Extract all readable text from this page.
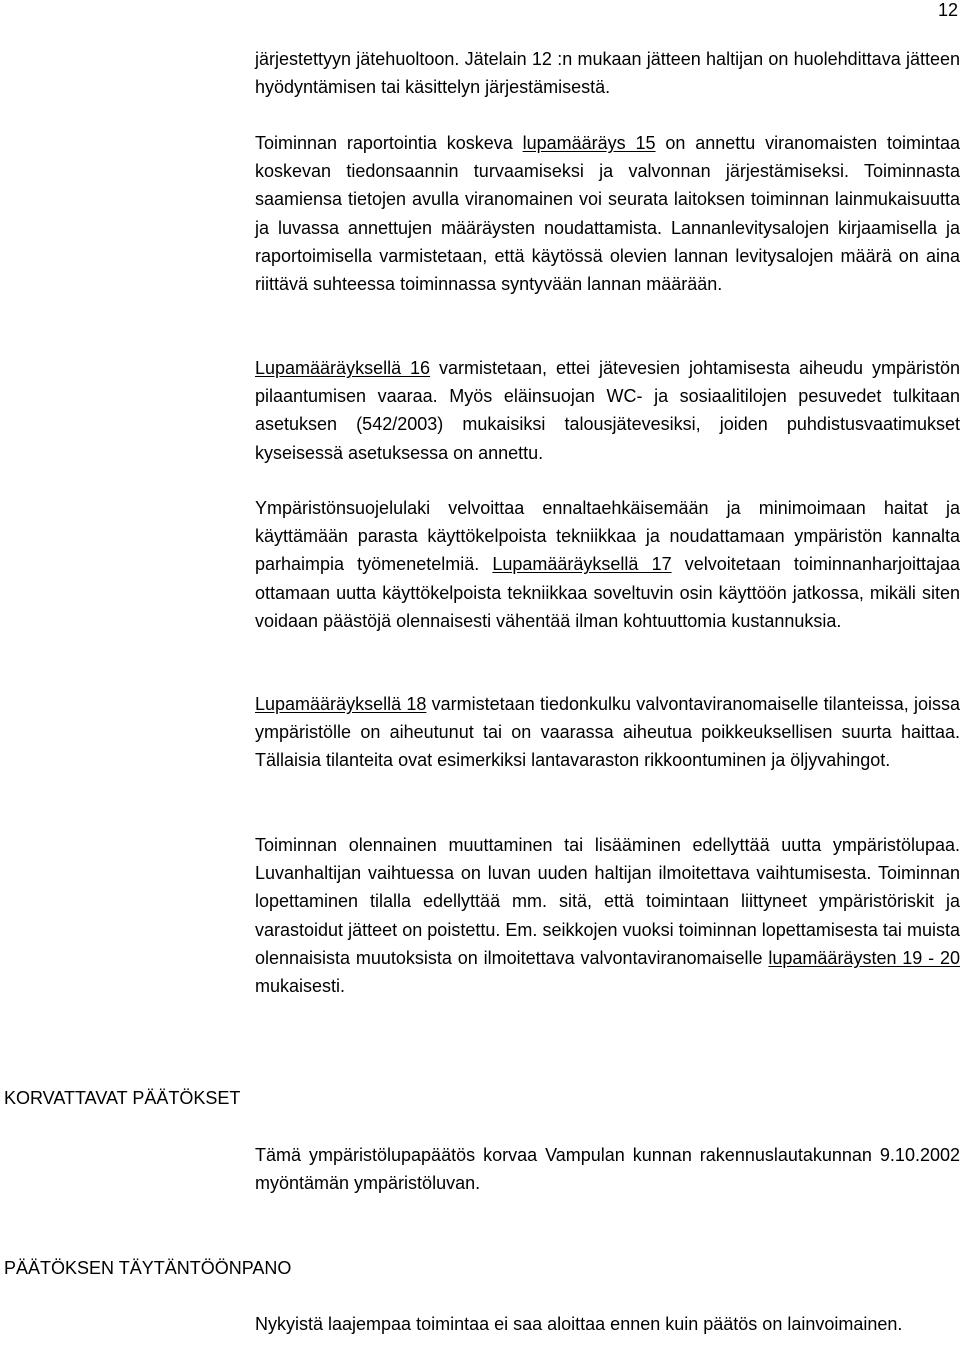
12

järjestettyyn jätehuoltoon. Jätelain 12 :n mukaan jätteen haltijan on huolehdittava jätteen hyödyntämisen tai käsittelyn järjestämisestä.

Toiminnan raportointia koskeva lupamääräys 15 on annettu viranomaisten toimintaa koskevan tiedonsaannin turvaamiseksi ja valvonnan järjestämiseksi. Toiminnasta saamiensa tietojen avulla viranomainen voi seurata laitoksen toiminnan lainmukaisuutta ja luvassa annettujen määräysten noudattamista. Lannanlevitysalojen kirjaamisella ja raportoimisella varmistetaan, että käytössä olevien lannan levitysalojen määrä on aina riittävä suhteessa toiminnassa syntyvään lannan määrään.

Lupamääräyksellä 16 varmistetaan, ettei jätevesien johtamisesta aiheudu ympäristön pilaantumisen vaaraa. Myös eläinsuojan WC- ja sosiaalitilojen pesuvedet tulkitaan asetuksen (542/2003) mukaisiksi talousjätevesiksi, joiden puhdistusvaatimukset kyseisessä asetuksessa on annettu.

Ympäristönsuojelulaki velvoittaa ennaltaehkäisemään ja minimoimaan haitat ja käyttämään parasta käyttökelpoista tekniikkaa ja noudattamaan ympäristön kannalta parhaimpia työmenetelmiä. Lupamääräyksellä 17 velvoitetaan toiminnanharjoittajaa ottamaan uutta käyttökelpoista tekniikkaa soveltuvin osin käyttöön jatkossa, mikäli siten voidaan päästöjä olennaisesti vähentää ilman kohtuuttomia kustannuksia.

Lupamääräyksellä 18 varmistetaan tiedonkulku valvontaviranomaiselle tilanteissa, joissa ympäristölle on aiheutunut tai on vaarassa aiheutua poikkeuksellisen suurta haittaa. Tällaisia tilanteita ovat esimerkiksi lantavaraston rikkoontuminen ja öljyvahingot.

Toiminnan olennainen muuttaminen tai lisääminen edellyttää uutta ympäristölupaa. Luvanhaltijan vaihtuessa on luvan uuden haltijan ilmoitettava vaihtumisesta. Toiminnan lopettaminen tilalla edellyttää mm. sitä, että toimintaan liittyneet ympäristöriskit ja varastoidut jätteet on poistettu. Em. seikkojen vuoksi toiminnan lopettamisesta tai muista olennaisista muutoksista on ilmoitettava valvontaviranomaiselle lupamääräysten 19 - 20 mukaisesti.

KORVATTAVAT PÄÄTÖKSET

Tämä ympäristölupapäätös korvaa Vampulan kunnan rakennuslautakunnan 9.10.2002 myöntämän ympäristöluvan.

PÄÄTÖKSEN TÄYTÄNTÖÖNPANO

Nykyistä laajempaa toimintaa ei saa aloittaa ennen kuin päätös on lainvoimainen.
